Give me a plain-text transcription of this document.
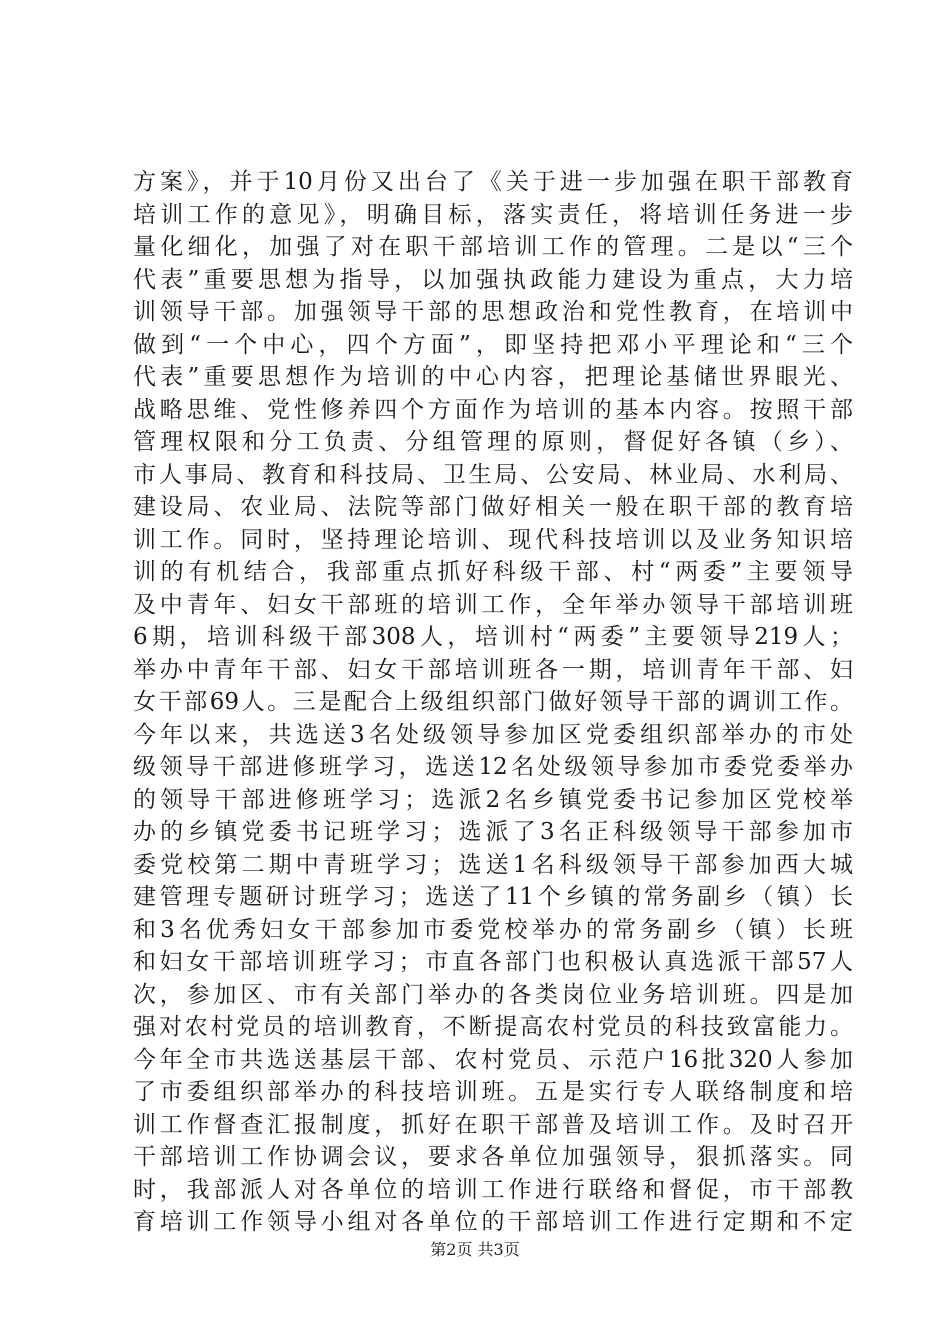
方案》，并于10月份又出台了《关于进一步加强在职干部教育
培训工作的意见》，明确目标，落实责任，将培训任务进一步
量化细化，加强了对在职干部培训工作的管理。二是以“三个
代表”重要思想为指导，以加强执政能力建设为重点，大力培
训领导干部。加强领导干部的思想政治和党性教育，在培训中
做到“一个中心，四个方面”，即坚持把邓小平理论和“三个
代表”重要思想作为培训的中心内容，把理论基储世界眼光、
战略思维、党性修养四个方面作为培训的基本内容。按照干部
管理权限和分工负责、分组管理的原则，督促好各镇（乡）、
市人事局、教育和科技局、卫生局、公安局、林业局、水利局、
建设局、农业局、法院等部门做好相关一般在职干部的教育培
训工作。同时，坚持理论培训、现代科技培训以及业务知识培
训的有机结合，我部重点抓好科级干部、村“两委”主要领导
及中青年、妇女干部班的培训工作，全年举办领导干部培训班
6期，培训科级干部308人，培训村“两委”主要领导219人；
举办中青年干部、妇女干部培训班各一期，培训青年干部、妇
女干部69人。三是配合上级组织部门做好领导干部的调训工作。
今年以来，共选送3名处级领导参加区党委组织部举办的市处
级领导干部进修班学习，选送12名处级领导参加市委党委举办
的领导干部进修班学习；选派2名乡镇党委书记参加区党校举
办的乡镇党委书记班学习；选派了3名正科级领导干部参加市
委党校第二期中青班学习；选送1名科级领导干部参加西大城
建管理专题研讨班学习；选送了11个乡镇的常务副乡（镇）长
和3名优秀妇女干部参加市委党校举办的常务副乡（镇）长班
和妇女干部培训班学习；市直各部门也积极认真选派干部57人
次，参加区、市有关部门举办的各类岗位业务培训班。四是加
强对农村党员的培训教育，不断提高农村党员的科技致富能力。
今年全市共选送基层干部、农村党员、示范户16批320人参加
了市委组织部举办的科技培训班。五是实行专人联络制度和培
训工作督查汇报制度，抓好在职干部普及培训工作。及时召开
干部培训工作协调会议，要求各单位加强领导，狠抓落实。同
时，我部派人对各单位的培训工作进行联络和督促，市干部教
育培训工作领导小组对各单位的干部培训工作进行定期和不定
第2页 共3页
